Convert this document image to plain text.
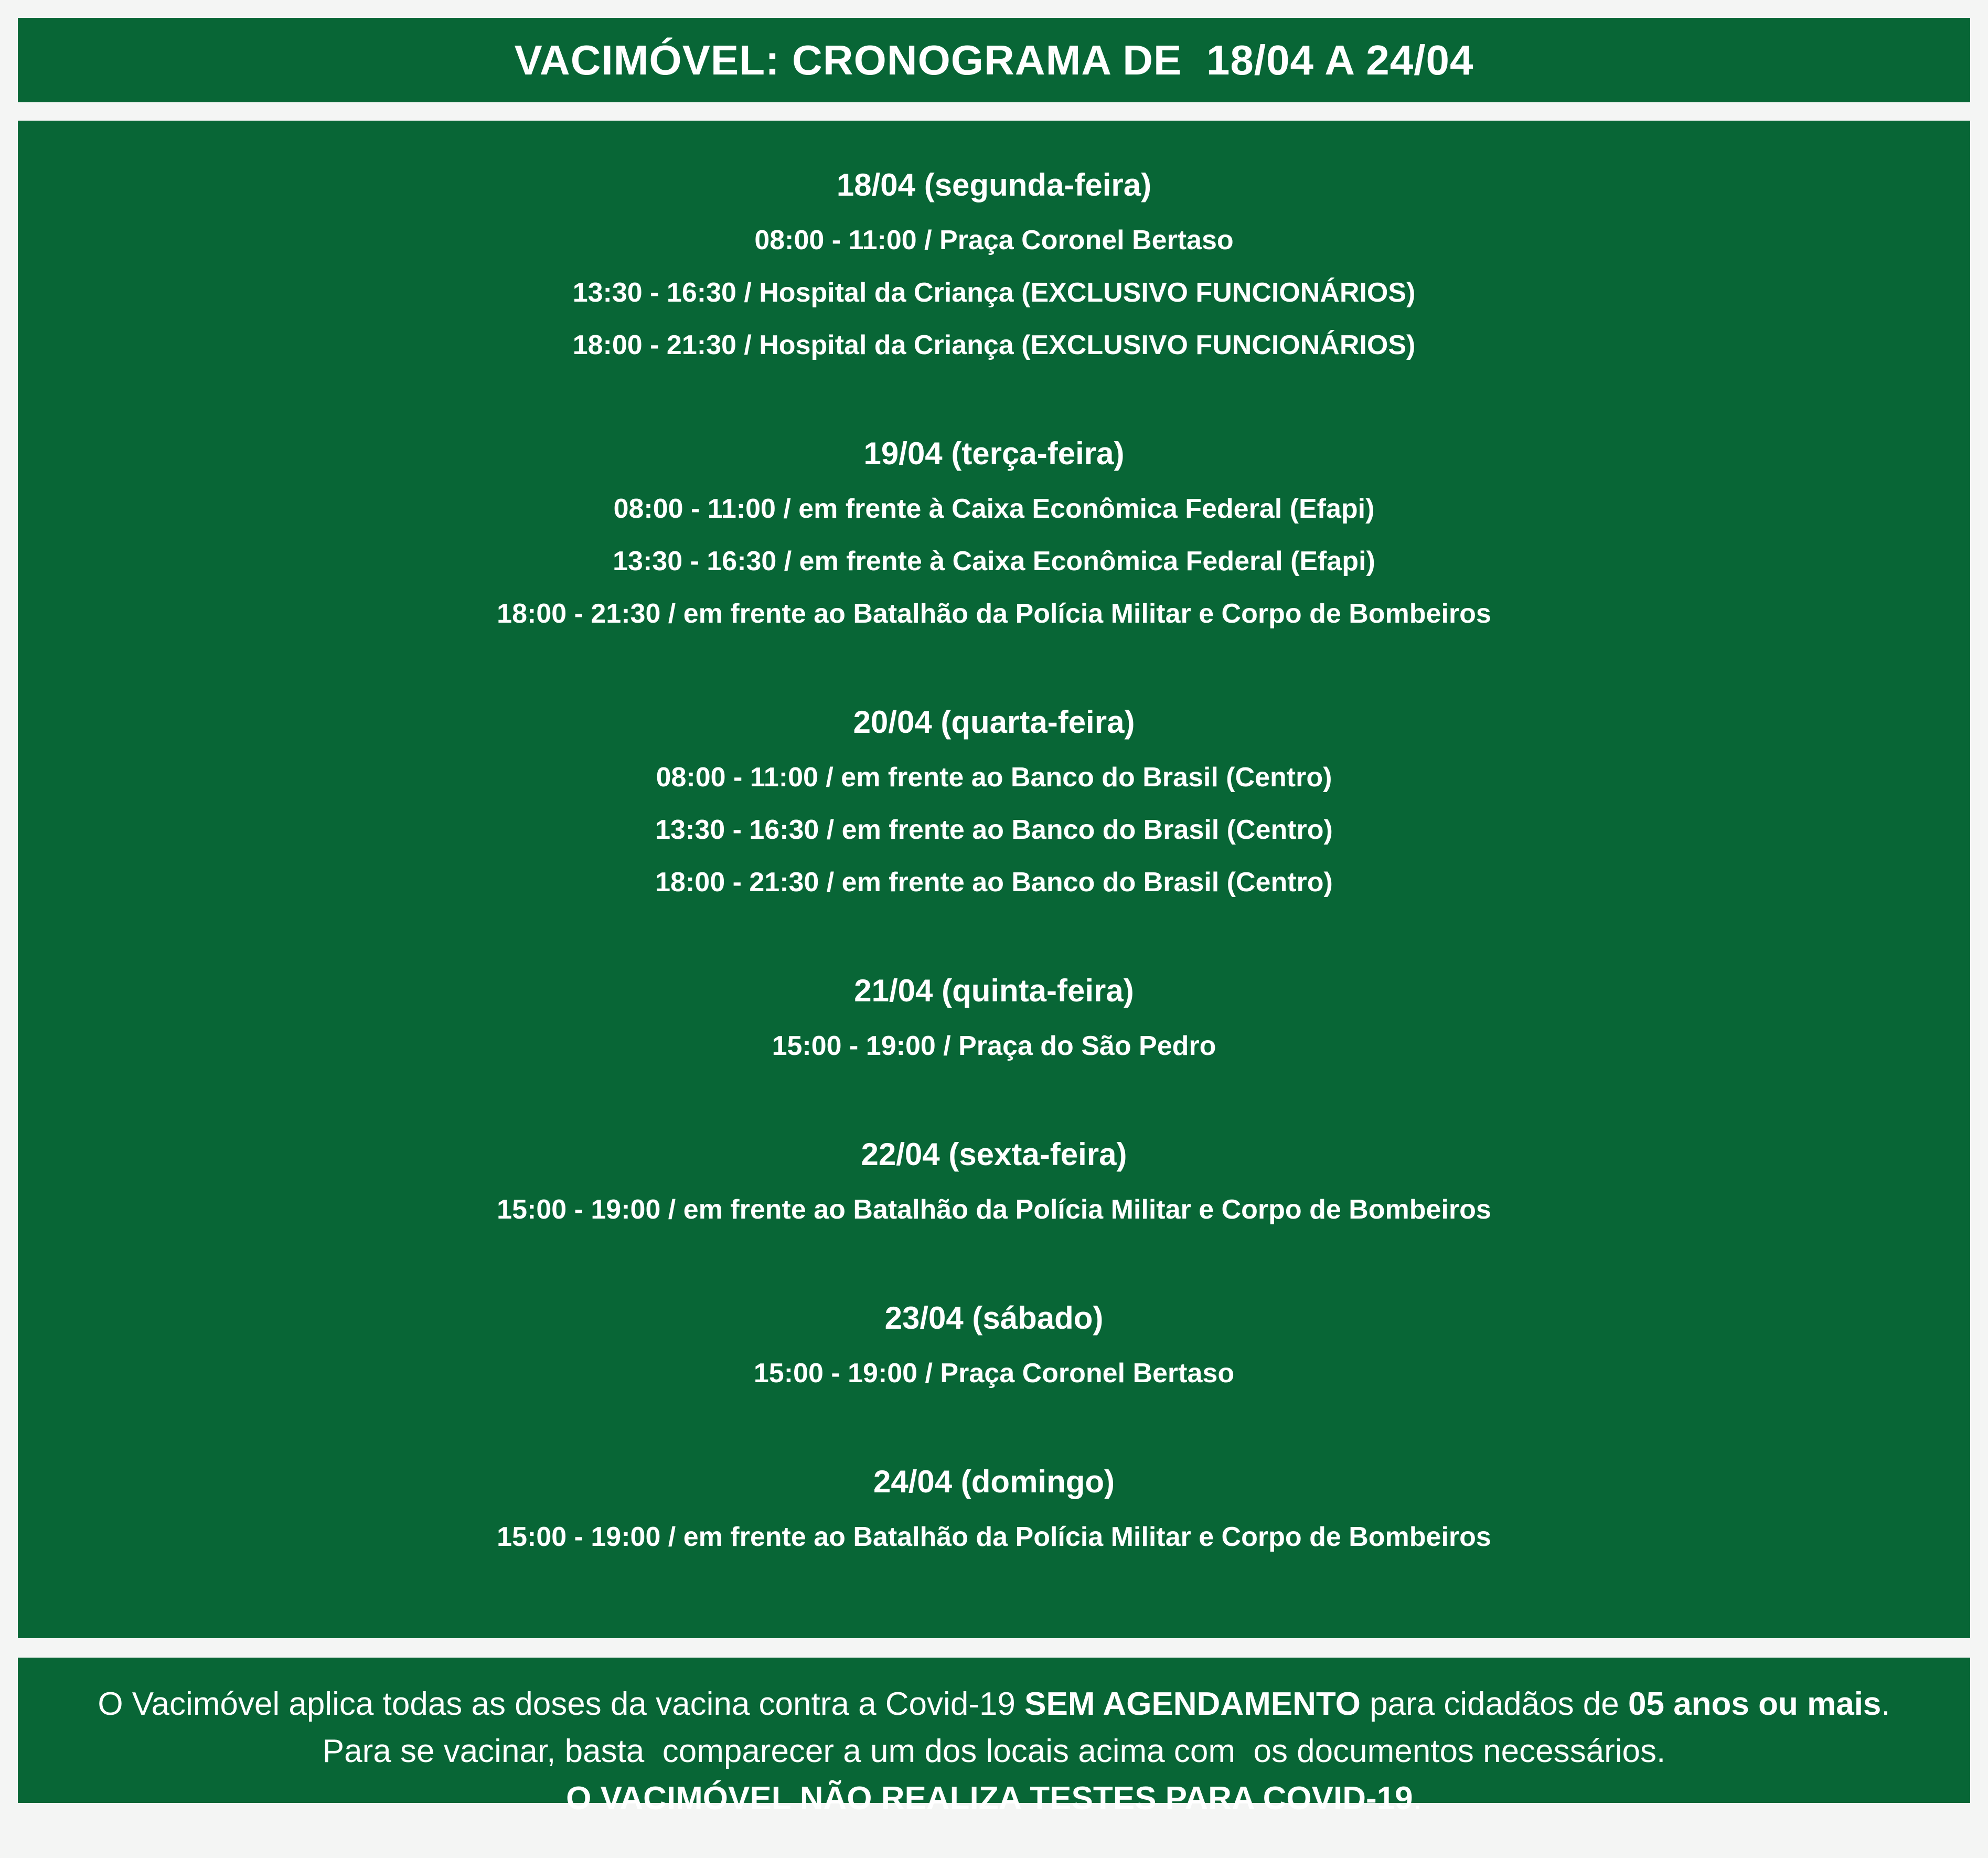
VACIMÓVEL: CRONOGRAMA DE  18/04 A 24/04
18/04 (segunda-feira)
08:00 - 11:00 / Praça Coronel Bertaso
13:30 - 16:30 / Hospital da Criança (EXCLUSIVO FUNCIONÁRIOS)
18:00 - 21:30 / Hospital da Criança (EXCLUSIVO FUNCIONÁRIOS)
19/04 (terça-feira)
08:00 - 11:00 / em frente à Caixa Econômica Federal (Efapi)
13:30 - 16:30 / em frente à Caixa Econômica Federal (Efapi)
18:00 - 21:30 / em frente ao Batalhão da Polícia Militar e Corpo de Bombeiros
20/04 (quarta-feira)
08:00 - 11:00 / em frente ao Banco do Brasil (Centro)
13:30 - 16:30 / em frente ao Banco do Brasil (Centro)
18:00 - 21:30 / em frente ao Banco do Brasil (Centro)
21/04 (quinta-feira)
15:00 - 19:00 / Praça do São Pedro
22/04 (sexta-feira)
15:00 - 19:00 / em frente ao Batalhão da Polícia Militar e Corpo de Bombeiros
23/04 (sábado)
15:00 - 19:00 / Praça Coronel Bertaso
24/04 (domingo)
15:00 - 19:00 / em frente ao Batalhão da Polícia Militar e Corpo de Bombeiros
O Vacimóvel aplica todas as doses da vacina contra a Covid-19 SEM AGENDAMENTO para cidadãos de 05 anos ou mais.
Para se vacinar, basta  comparecer a um dos locais acima com  os documentos necessários.
O VACIMÓVEL NÃO REALIZA TESTES PARA COVID-19.
